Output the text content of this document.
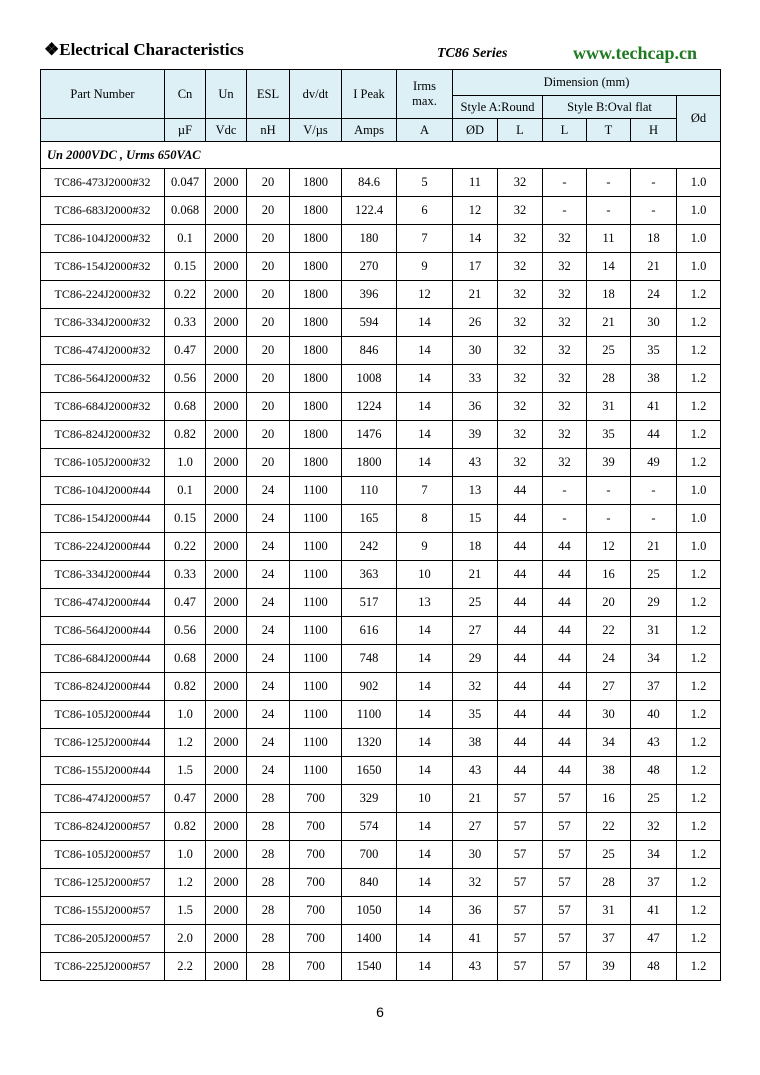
❖Electrical Characteristics	TC86 Series	www.techcap.cn
Part Number	Cn	Un	ESL	dv/dt	I Peak	Irms max.	Dimension (mm)					
							Style A:Round		Style B:Oval flat			Ød
	µF	Vdc	nH	V/µs	Amps	A	ØD	L	L	T	H	
Un 2000VDC , Urms 650VAC												
TC86-473J2000#32	0.047	2000	20	1800	84.6	5	11	32	-	-	-	1.0
TC86-683J2000#32	0.068	2000	20	1800	122.4	6	12	32	-	-	-	1.0
TC86-104J2000#32	0.1	2000	20	1800	180	7	14	32	32	11	18	1.0
TC86-154J2000#32	0.15	2000	20	1800	270	9	17	32	32	14	21	1.0
TC86-224J2000#32	0.22	2000	20	1800	396	12	21	32	32	18	24	1.2
TC86-334J2000#32	0.33	2000	20	1800	594	14	26	32	32	21	30	1.2
TC86-474J2000#32	0.47	2000	20	1800	846	14	30	32	32	25	35	1.2
TC86-564J2000#32	0.56	2000	20	1800	1008	14	33	32	32	28	38	1.2
TC86-684J2000#32	0.68	2000	20	1800	1224	14	36	32	32	31	41	1.2
TC86-824J2000#32	0.82	2000	20	1800	1476	14	39	32	32	35	44	1.2
TC86-105J2000#32	1.0	2000	20	1800	1800	14	43	32	32	39	49	1.2
TC86-104J2000#44	0.1	2000	24	1100	110	7	13	44	-	-	-	1.0
TC86-154J2000#44	0.15	2000	24	1100	165	8	15	44	-	-	-	1.0
TC86-224J2000#44	0.22	2000	24	1100	242	9	18	44	44	12	21	1.0
TC86-334J2000#44	0.33	2000	24	1100	363	10	21	44	44	16	25	1.2
TC86-474J2000#44	0.47	2000	24	1100	517	13	25	44	44	20	29	1.2
TC86-564J2000#44	0.56	2000	24	1100	616	14	27	44	44	22	31	1.2
TC86-684J2000#44	0.68	2000	24	1100	748	14	29	44	44	24	34	1.2
TC86-824J2000#44	0.82	2000	24	1100	902	14	32	44	44	27	37	1.2
TC86-105J2000#44	1.0	2000	24	1100	1100	14	35	44	44	30	40	1.2
TC86-125J2000#44	1.2	2000	24	1100	1320	14	38	44	44	34	43	1.2
TC86-155J2000#44	1.5	2000	24	1100	1650	14	43	44	44	38	48	1.2
TC86-474J2000#57	0.47	2000	28	700	329	10	21	57	57	16	25	1.2
TC86-824J2000#57	0.82	2000	28	700	574	14	27	57	57	22	32	1.2
TC86-105J2000#57	1.0	2000	28	700	700	14	30	57	57	25	34	1.2
TC86-125J2000#57	1.2	2000	28	700	840	14	32	57	57	28	37	1.2
TC86-155J2000#57	1.5	2000	28	700	1050	14	36	57	57	31	41	1.2
TC86-205J2000#57	2.0	2000	28	700	1400	14	41	57	57	37	47	1.2
TC86-225J2000#57	2.2	2000	28	700	1540	14	43	57	57	39	48	1.2
6
